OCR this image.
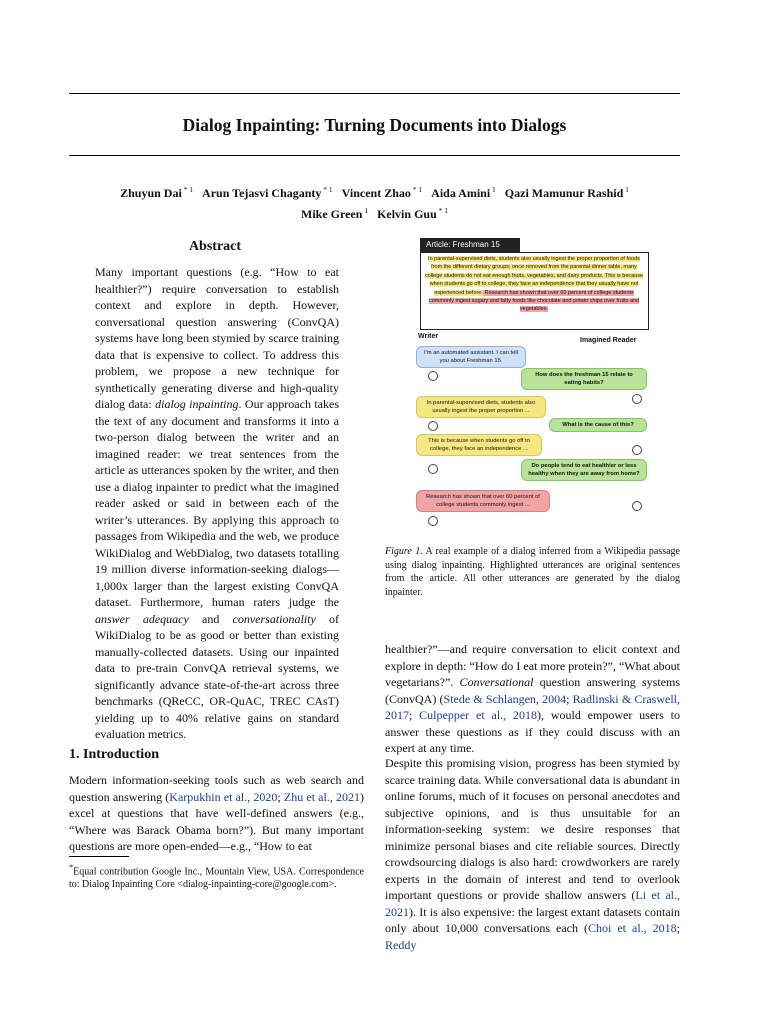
Dialog Inpainting: Turning Documents into Dialogs
Zhuyun Dai $^{* 1}$ Arun Tejasvi Chaganty $^{* 1}$ Vincent Zhao $^{* 1}$ Aida Amini $^1$ Qazi Mamunur Rashid $^1$
Mike Green $^1$ Kelvin Guu $^{* 1}$
Abstract
Many important questions (e.g. “How to eat healthier?”) require conversation to establish context and explore in depth. However, conversational question answering (ConvQA) systems have long been stymied by scarce training data that is expensive to collect. To address this problem, we propose a new technique for synthetically generating diverse and high-quality dialog data: dialog inpainting. Our approach takes the text of any document and transforms it into a two-person dialog between the writer and an imagined reader: we treat sentences from the article as utterances spoken by the writer, and then use a dialog inpainter to predict what the imagined reader asked or said in between each of the writer’s utterances. By applying this approach to passages from Wikipedia and the web, we produce WikiDialog and WebDialog, two datasets totalling 19 million diverse information-seeking dialogs—1,000x larger than the largest existing ConvQA dataset. Furthermore, human raters judge the answer adequacy and conversationality of WikiDialog to be as good or better than existing manually-collected datasets. Using our inpainted data to pre-train ConvQA retrieval systems, we significantly advance state-of-the-art across three benchmarks (QReCC, OR-QuAC, TREC CAsT) yielding up to 40% relative gains on standard evaluation metrics.
1. Introduction
Modern information-seeking tools such as web search and question answering (Karpukhin et al., 2020; Zhu et al., 2021) excel at questions that have well-defined answers (e.g., “Where was Barack Obama born?”). But many important questions are more open-ended—e.g., “How to eat
*Equal contribution Google Inc., Mountain View, USA. Correspondence to: Dialog Inpainting Core <dialog-inpainting-core@google.com>.
Article: Freshman 15
In parental-supervised diets, students also usually ingest the proper proportion of foods from the different dietary groups; once removed from the parental dinner table, many college students do not eat enough fruits, vegetables, and dairy products. This is because when students go off to college, they face an independence that they usually have not experienced before. Research has shown that over 60 percent of college students commonly ingest sugary and fatty foods like chocolate and potato chips over fruits and vegetables.
Writer
Imagined Reader
I'm an automated assistant. I can tell you about Freshman 15.
How does the freshman 15 relate to eating habits?
In parental-supervised diets, students also usually ingest the proper proportion ...
What is the cause of this?
This is because when students go off to college, they face an independence ...
Do people tend to eat healthier or less healthy when they are away from home?
Research has shown that over 60 percent of college students commonly ingest ...
Figure 1. A real example of a dialog inferred from a Wikipedia passage using dialog inpainting. Highlighted utterances are original sentences from the article. All other utterances are generated by the dialog inpainter.
healthier?”—and require conversation to elicit context and explore in depth: “How do I eat more protein?”, “What about vegetarians?”. Conversational question answering systems (ConvQA) (Stede & Schlangen, 2004; Radlinski & Craswell, 2017; Culpepper et al., 2018), would empower users to answer these questions as if they could discuss with an expert at any time.
Despite this promising vision, progress has been stymied by scarce training data. While conversational data is abundant in online forums, much of it focuses on personal anecdotes and subjective opinions, and is thus unsuitable for an information-seeking system: we desire responses that minimize personal biases and cite reliable sources. Directly crowdsourcing dialogs is also hard: crowdworkers are rarely experts in the domain of interest and tend to overlook important questions or provide shallow answers (Li et al., 2021). It is also expensive: the largest extant datasets contain only about 10,000 conversations each (Choi et al., 2018; Reddy
